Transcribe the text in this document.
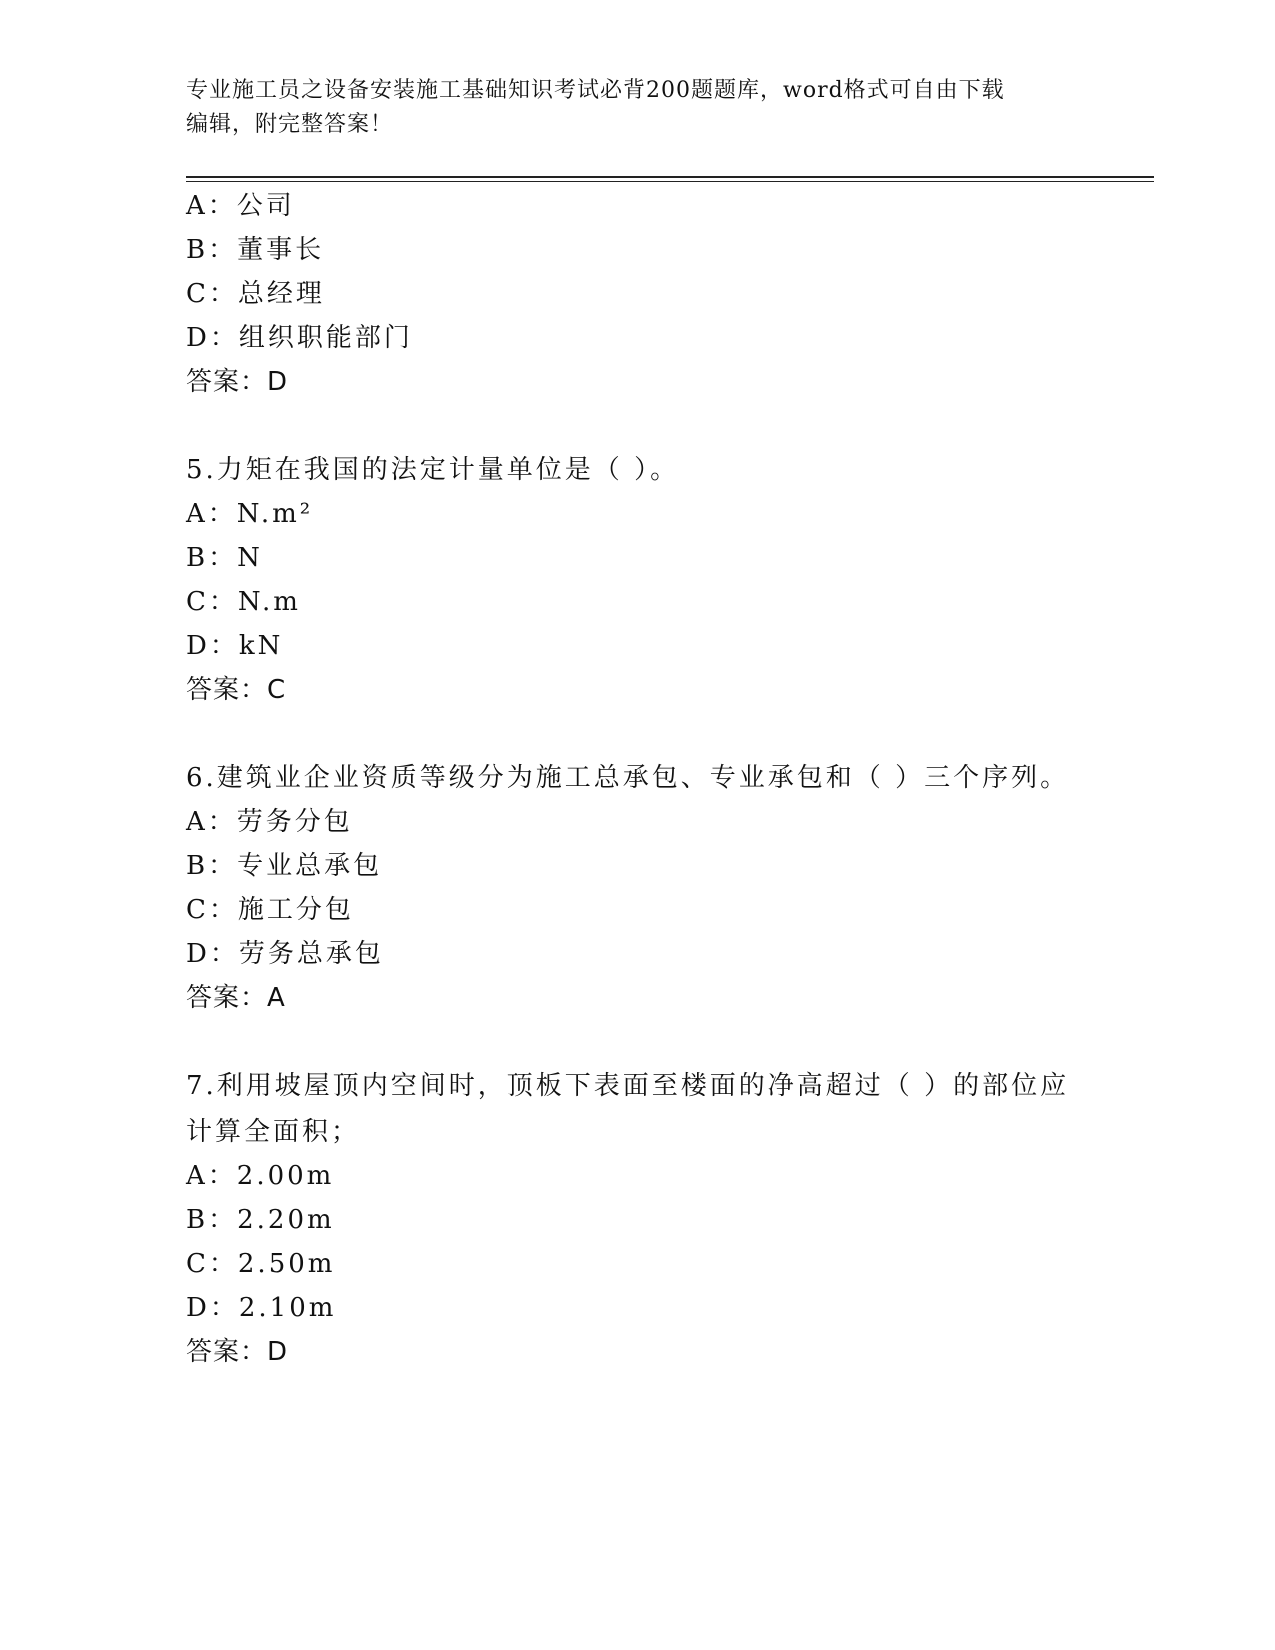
专业施工员之设备安装施工基础知识考试必背200题题库，word格式可自由下载
编辑，附完整答案！
A：公司
B：董事长
C：总经理
D：组织职能部门
答案：D
5.力矩在我国的法定计量单位是（ ）。
A：N.m²
B：N
C：N.m
D：kN
答案：C
6.建筑业企业资质等级分为施工总承包、专业承包和（ ）三个序列。
A：劳务分包
B：专业总承包
C：施工分包
D：劳务总承包
答案：A
7.利用坡屋顶内空间时，顶板下表面至楼面的净高超过（ ）的部位应计算全面积；
A：2.00m
B：2.20m
C：2.50m
D：2.10m
答案：D
